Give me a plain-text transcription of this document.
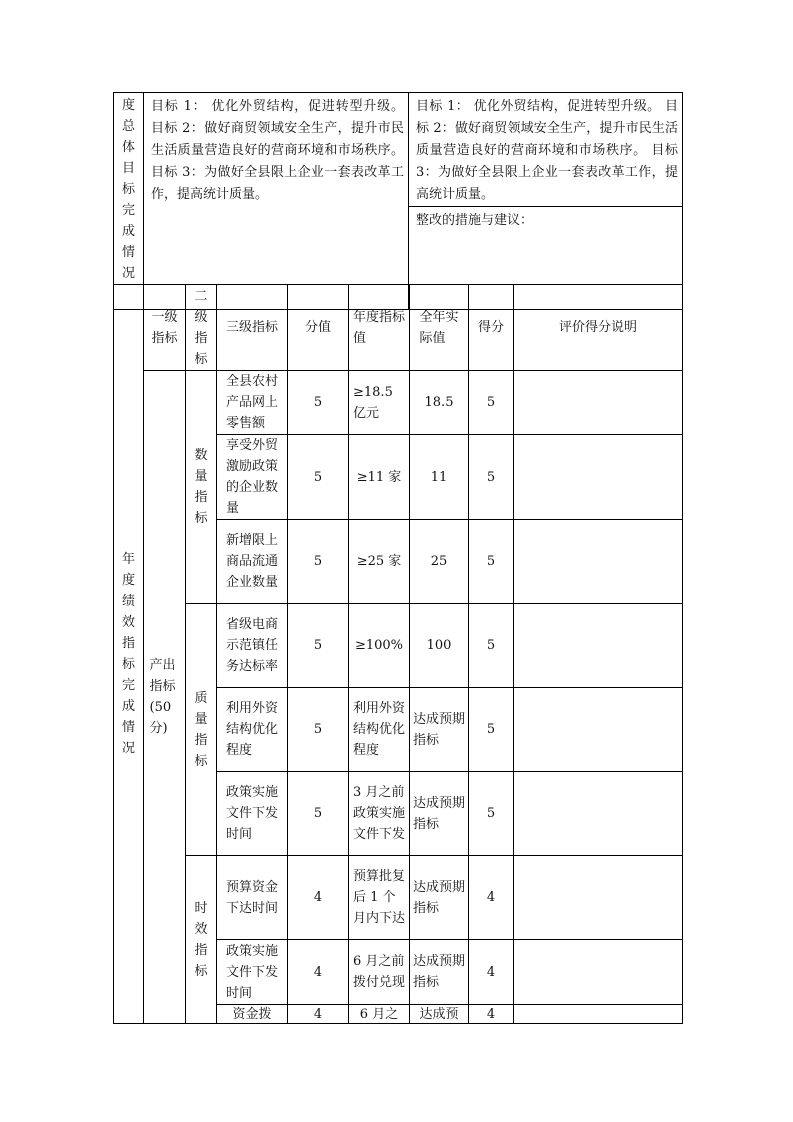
度总体目标完成情况

目标 1： 优化外贸结构，促进转型升级。 目标 2：做好商贸领域安全生产，提升市民生活质量营造良好的营商环境和市场秩序。 目标 3：为做好全县限上企业一套表改革工作，提高统计质量。

目标 1： 优化外贸结构，促进转型升级。 目标 2：做好商贸领域安全生产，提升市民生活质量营造良好的营商环境和市场秩序。 目标 3：为做好全县限上企业一套表改革工作，提高统计质量。

整改的措施与建议：
年度绩效指标完成情况	一级指标	二级指标	三级指标	分值	年度指标值	全年实际值	得分	评价得分说明

	产出指标(50分)	数量指标	全县农村产品网上零售额	5	≥18.5 亿元	18.5	5	

			享受外贸激励政策的企业数量	5	≥11 家	11	5	

			新增限上商品流通企业数量	5	≥25 家	25	5	

		质量指标	省级电商示范镇任务达标率	5	≥100%	100	5	

			利用外资结构优化程度	5	利用外资结构优化程度	达成预期指标	5	

			政策实施文件下发时间	5	3 月之前政策实施文件下发	达成预期指标	5	

		时效指标	预算资金下达时间	4	预算批复后 1 个月内下达	达成预期指标	4	

			政策实施文件下发时间	4	6 月之前拨付兑现	达成预期指标	4	
			资金拨	4	6 月之	达成预	4	
